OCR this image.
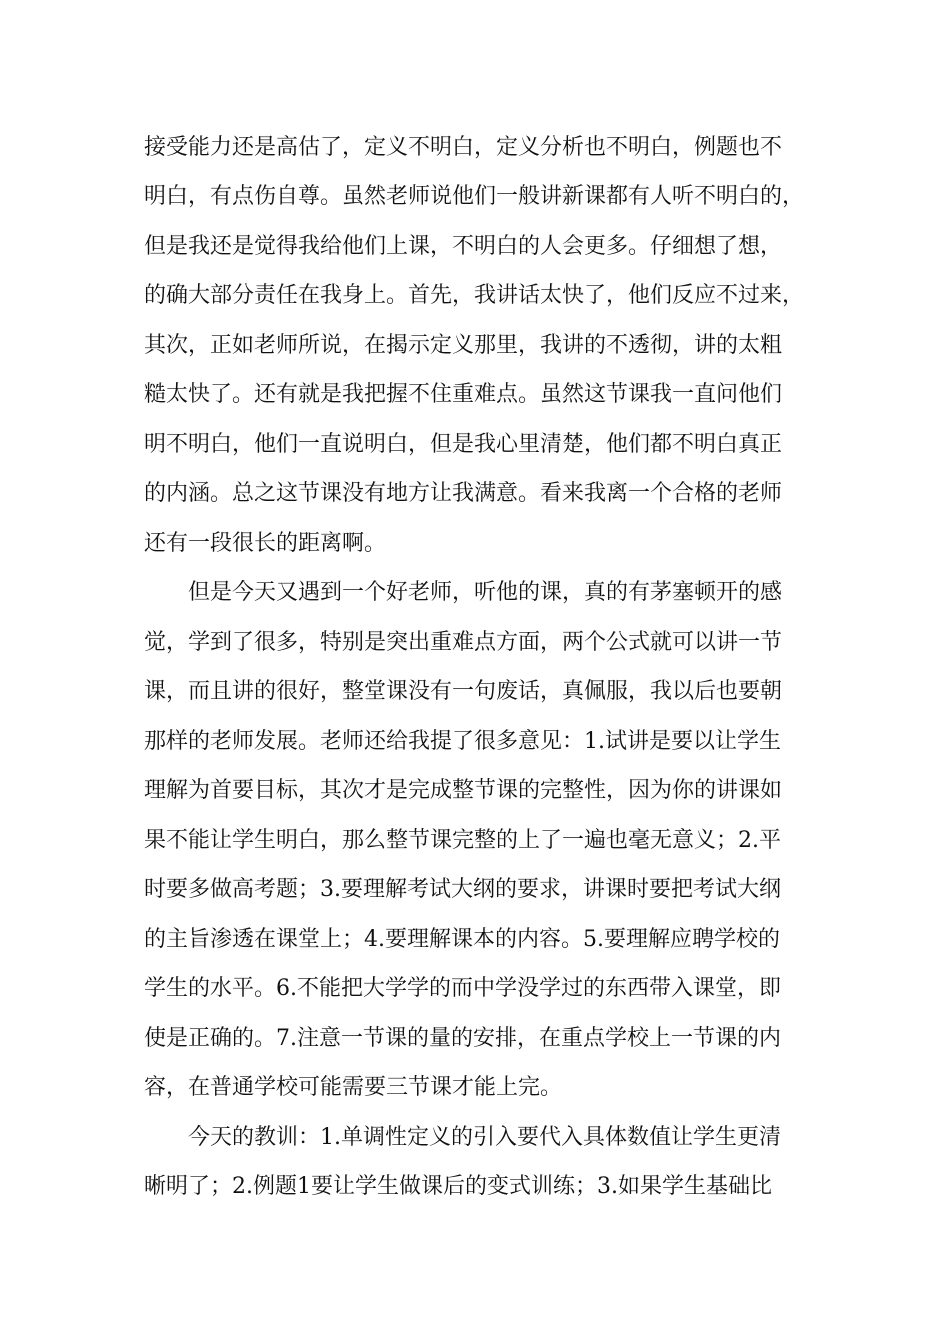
接受能力还是高估了，定义不明白，定义分析也不明白，例题也不
明白，有点伤自尊。虽然老师说他们一般讲新课都有人听不明白的，
但是我还是觉得我给他们上课，不明白的人会更多。仔细想了想，
的确大部分责任在我身上。首先，我讲话太快了，他们反应不过来，
其次，正如老师所说，在揭示定义那里，我讲的不透彻，讲的太粗
糙太快了。还有就是我把握不住重难点。虽然这节课我一直问他们
明不明白，他们一直说明白，但是我心里清楚，他们都不明白真正
的内涵。总之这节课没有地方让我满意。看来我离一个合格的老师
还有一段很长的距离啊。
但是今天又遇到一个好老师，听他的课，真的有茅塞顿开的感
觉，学到了很多，特别是突出重难点方面，两个公式就可以讲一节
课，而且讲的很好，整堂课没有一句废话，真佩服，我以后也要朝
那样的老师发展。老师还给我提了很多意见：1.试讲是要以让学生
理解为首要目标，其次才是完成整节课的完整性，因为你的讲课如
果不能让学生明白，那么整节课完整的上了一遍也毫无意义；2.平
时要多做高考题；3.要理解考试大纲的要求，讲课时要把考试大纲
的主旨渗透在课堂上；4.要理解课本的内容。5.要理解应聘学校的
学生的水平。6.不能把大学学的而中学没学过的东西带入课堂，即
使是正确的。7.注意一节课的量的安排，在重点学校上一节课的内
容，在普通学校可能需要三节课才能上完。
今天的教训：1.单调性定义的引入要代入具体数值让学生更清
晰明了；2.例题1要让学生做课后的变式训练；3.如果学生基础比
